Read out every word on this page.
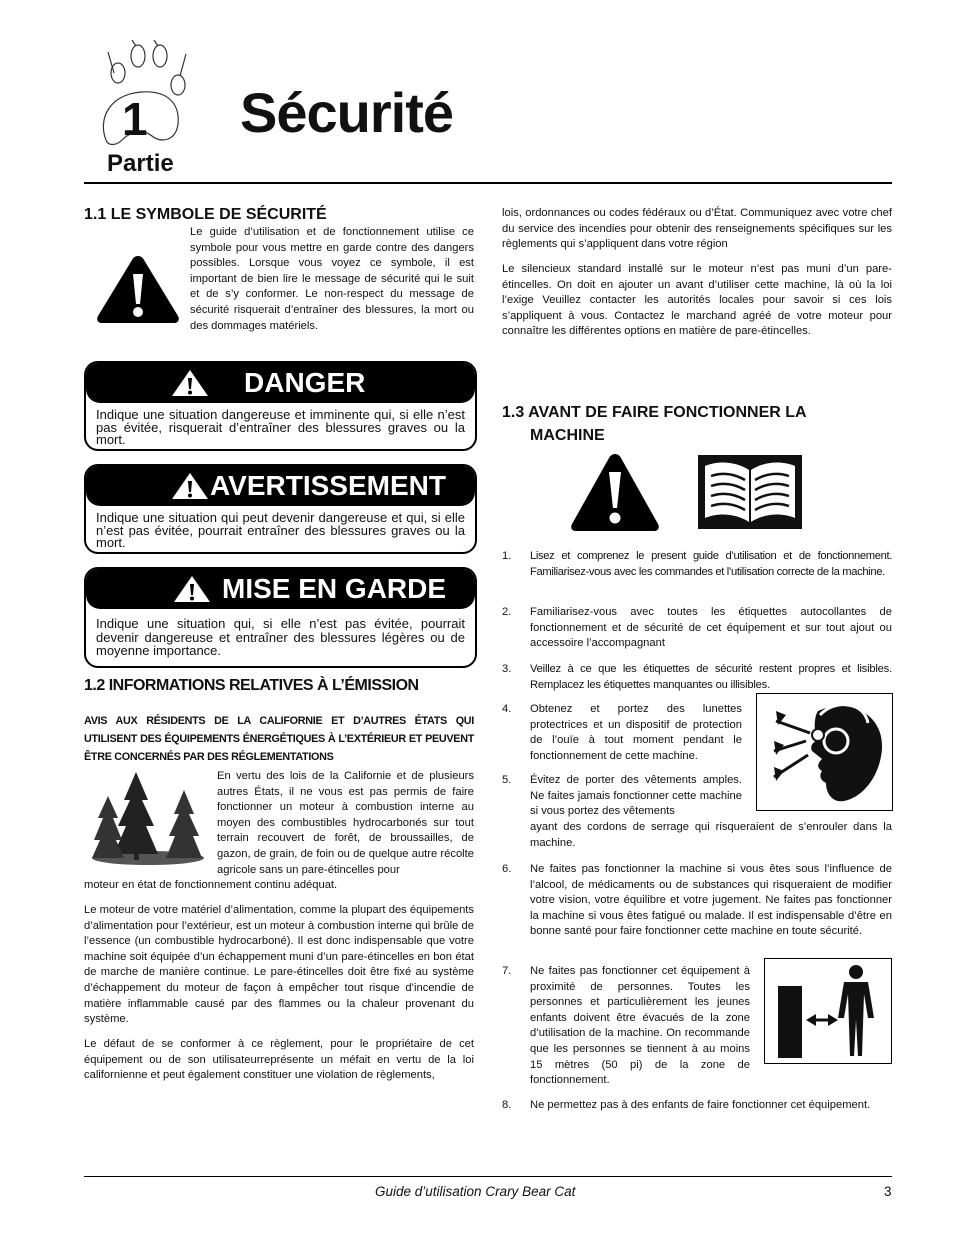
1
Partie
Sécurité
1.1 LE SYMBOLE DE SÉCURITÉ
Le guide d’utilisation et de fonctionnement utilise ce symbole pour vous mettre en garde contre des dangers possibles. Lorsque vous voyez ce symbole, il est important de bien lire le message de sécurité qui le suit et de s’y conformer. Le non-respect du message de sécurité risquerait d’entraîner des blessures, la mort ou des dommages matériels.
DANGER
Indique une situation dangereuse et imminente qui, si elle n’est pas évitée, risquerait d’entraîner des blessures graves ou la mort.
AVERTISSEMENT
Indique une situation qui peut devenir dangereuse et qui, si elle n’est pas évitée, pourrait entraîner des blessures graves ou la mort.
MISE EN GARDE
Indique une situation qui, si elle n’est pas évitée, pourrait devenir dangereuse et entraîner des blessures légères ou de moyenne importance.
1.2 INFORMATIONS RELATIVES À L’ÉMISSION
AVIS AUX RÉSIDENTS DE LA CALIFORNIE ET D’AUTRES ÉTATS QUI UTILISENT DES ÉQUIPEMENTS ÉNERGÉTIQUES À L’EXTÉRIEUR ET PEUVENT ÊTRE CONCERNÉS PAR DES RÉGLEMENTATIONS
En vertu des lois de la Californie et de plusieurs autres États, il ne vous est pas permis de faire fonctionner un moteur à combustion interne au moyen des combustibles hydrocarbonés sur tout terrain recouvert de forêt, de broussailles, de gazon, de grain, de foin ou de quelque autre récolte agricole sans un pare-étincelles pour
moteur en état de fonctionnement continu adéquat.
Le moteur de votre matériel d’alimentation, comme la plupart des équipements d’alimentation pour l’extérieur, est un moteur à combustion interne qui brûle de l’essence (un combustible hydrocarboné). Il est donc indispensable que votre machine soit équipée d’un échappement muni d’un pare-étincelles en bon état de marche de manière continue. Le pare-étincelles doit être fixé au système d’échappement du moteur de façon à empêcher tout risque d’incendie de matière inflammable causé par des flammes ou la chaleur provenant du système.
Le défaut de se conformer à ce règlement, pour le propriétaire de cet équipement ou de son utilisateurreprésente un méfait en vertu de la loi californienne et peut également constituer une violation de règlements,
lois, ordonnances ou codes fédéraux ou d’État. Communiquez avec votre chef du service des incendies pour obtenir des renseignements spécifiques sur les règlements qui s’appliquent dans votre région
Le silencieux standard installé sur le moteur n’est pas muni d’un pare-étincelles. On doit en ajouter un avant d’utiliser cette machine, là où la loi l’exige Veuillez contacter les autorités locales pour savoir si ces lois s’appliquent à vous. Contactez le marchand agréé de votre moteur pour connaître les différentes options en matière de pare-étincelles.
1.3 AVANT DE FAIRE FONCTIONNER LA
MACHINE
1. Lisez et comprenez le present guide d’utilisation et de fonctionnement. Familiarisez-vous avec les commandes et l’utilisation correcte de la machine.
2. Familiarisez-vous avec toutes les étiquettes autocollantes de fonctionnement et de sécurité de cet équipement et sur tout ajout ou accessoire l’accompagnant
3. Veillez à ce que les étiquettes de sécurité restent propres et lisibles. Remplacez les étiquettes manquantes ou illisibles.
4. Obtenez et portez des lunettes protectrices et un dispositif de protection de l’ouïe à tout moment pendant le fonctionnement de cette machine.
5. Évitez de porter des vêtements amples. Ne faites jamais fonctionner cette machine si vous portez des vêtements
ayant des cordons de serrage qui risqueraient de s’enrouler dans la machine.
6. Ne faites pas fonctionner la machine si vous êtes sous l’influence de l’alcool, de médicaments ou de substances qui risqueraient de modifier votre vision, votre équilibre et votre jugement. Ne faites pas fonctionner la machine si vous êtes fatigué ou malade. Il est indispensable d’être en bonne santé pour faire fonctionner cette machine en toute sécurité.
7. Ne faites pas fonctionner cet équipement à proximité de personnes. Toutes les personnes et particulièrement les jeunes enfants doivent être évacués de la zone d’utilisation de la machine. On recommande que les personnes se tiennent à au moins 15 mètres (50 pi) de la zone de fonctionnement.
8. Ne permettez pas à des enfants de faire fonctionner cet équipement.
Guide d’utilisation Crary Bear Cat	3
